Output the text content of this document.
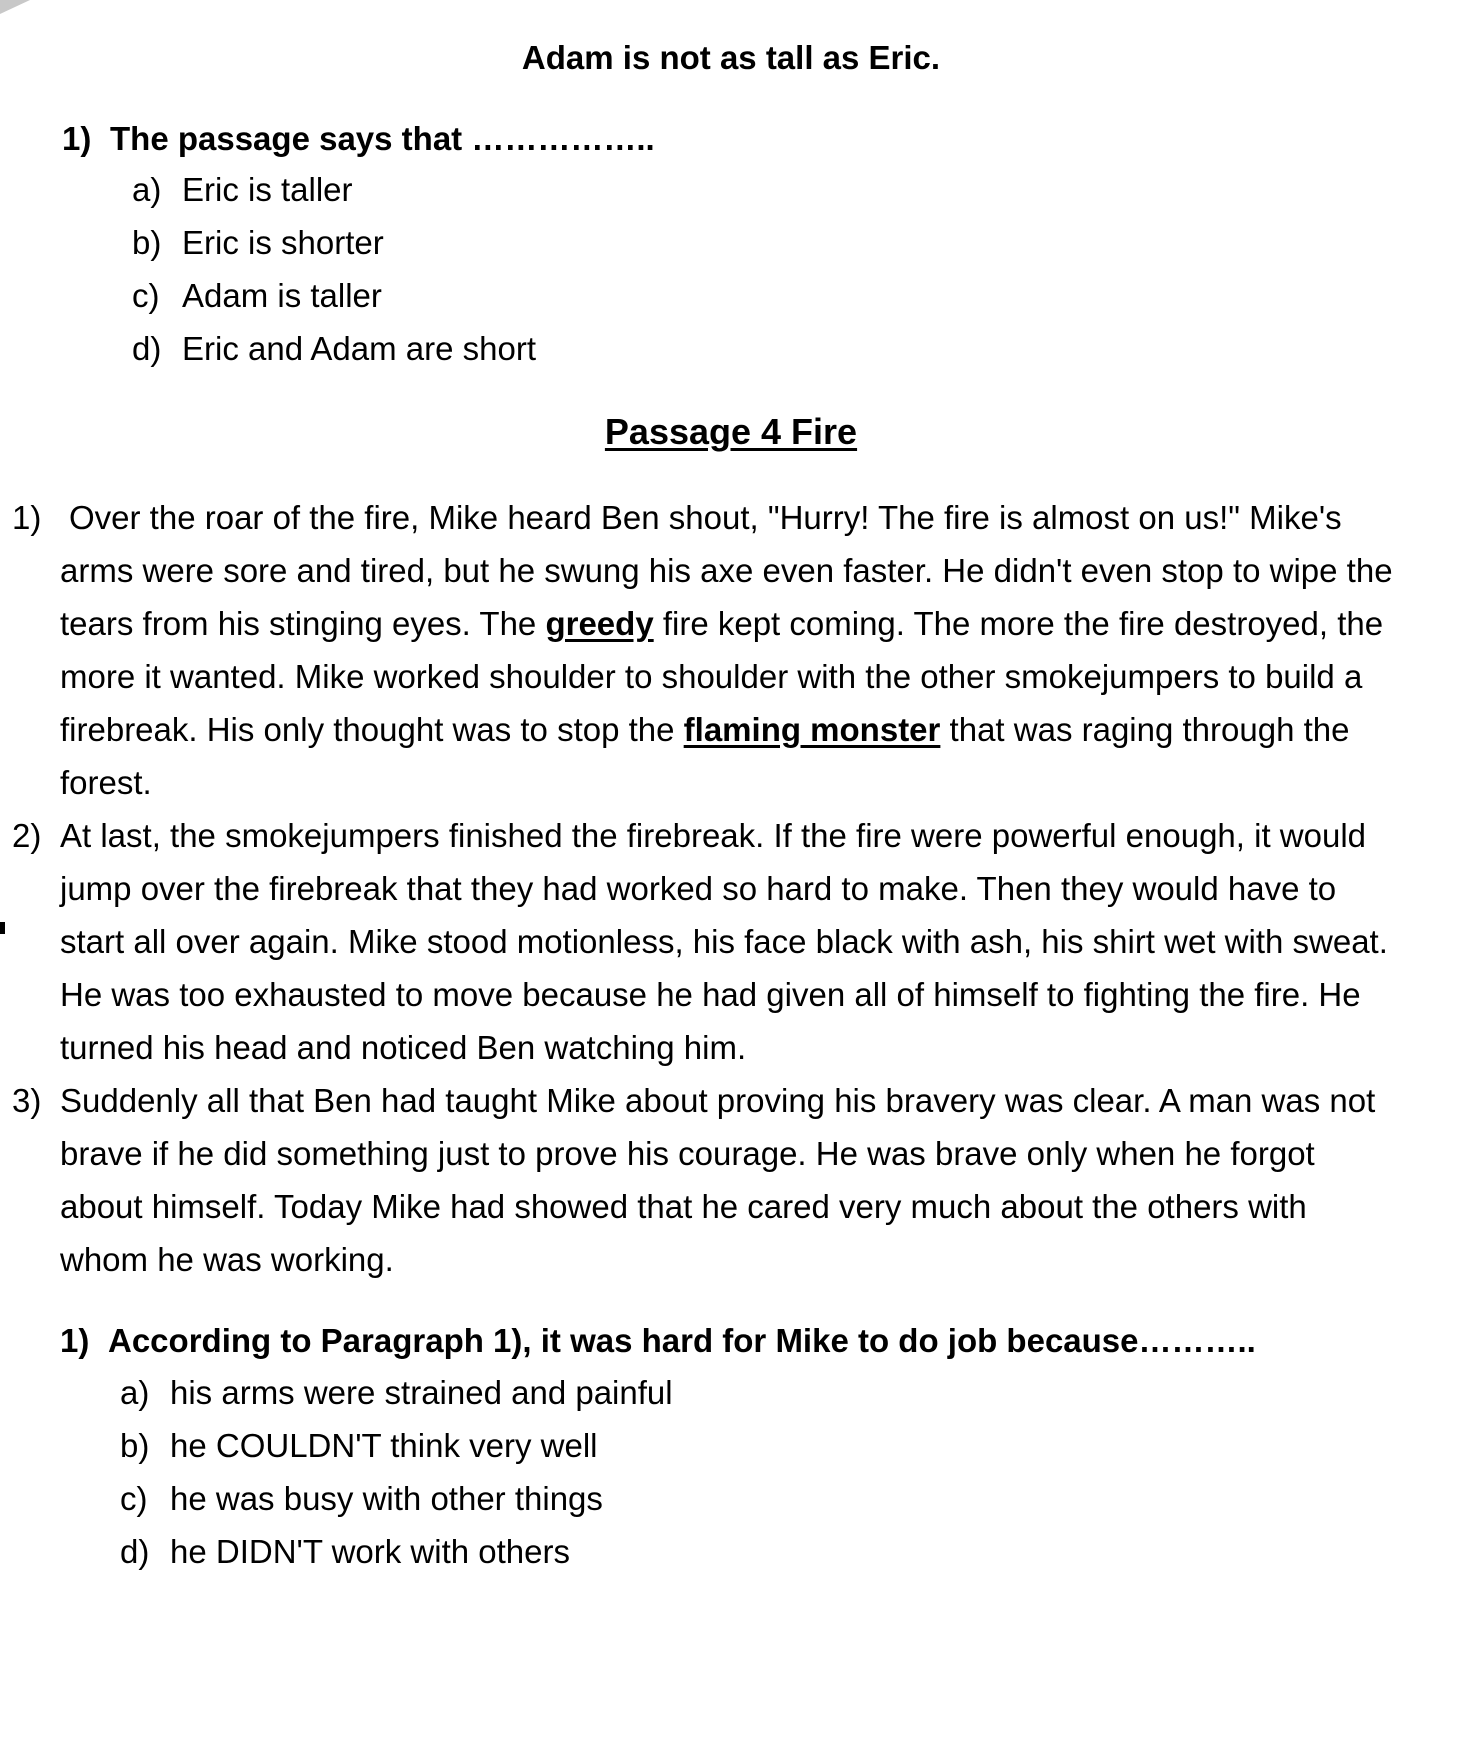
Adam is not as tall as Eric.
1) The passage says that ……………..
a) Eric is taller
b) Eric is shorter
c) Adam is taller
d) Eric and Adam are short
Passage 4 Fire
1) Over the roar of the fire, Mike heard Ben shout, "Hurry! The fire is almost on us!" Mike's
arms were sore and tired, but he swung his axe even faster. He didn't even stop to wipe the
tears from his stinging eyes. The greedy fire kept coming. The more the fire destroyed, the
more it wanted. Mike worked shoulder to shoulder with the other smokejumpers to build a
firebreak. His only thought was to stop the flaming monster that was raging through the
forest.
2) At last, the smokejumpers finished the firebreak. If the fire were powerful enough, it would
jump over the firebreak that they had worked so hard to make. Then they would have to
start all over again. Mike stood motionless, his face black with ash, his shirt wet with sweat.
He was too exhausted to move because he had given all of himself to fighting the fire. He
turned his head and noticed Ben watching him.
3) Suddenly all that Ben had taught Mike about proving his bravery was clear. A man was not
brave if he did something just to prove his courage. He was brave only when he forgot
about himself. Today Mike had showed that he cared very much about the others with
whom he was working.
1) According to Paragraph 1), it was hard for Mike to do job because………..
a) his arms were strained and painful
b) he COULDN'T think very well
c) he was busy with other things
d) he DIDN'T work with others
